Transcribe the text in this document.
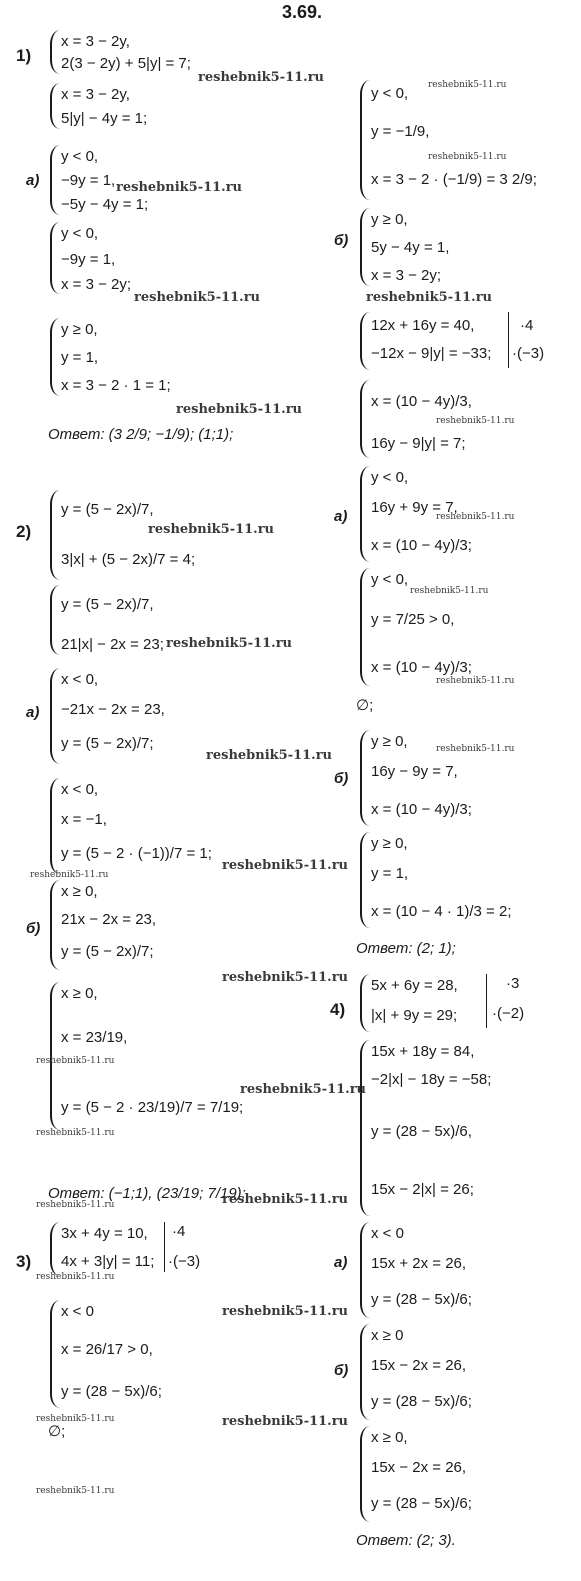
3.69.
1)
x = 3 − 2y,
2(3 − 2y) + 5|y| = 7;
x = 3 − 2y,
5|y| − 4y = 1;
а)
y < 0,
−9y = 1,
−5y − 4y = 1;
y < 0,
−9y = 1,
x = 3 − 2y;
y ≥ 0,
y = 1,
x = 3 − 2 · 1 = 1;
Ответ: (3 2/9; −1/9); (1;1);
2)
y = (5 − 2x)/7,
3|x| + (5 − 2x)/7 = 4;
y = (5 − 2x)/7,
21|x| − 2x = 23;
а)
x < 0,
−21x − 2x = 23,
y = (5 − 2x)/7;
x < 0,
x = −1,
y = (5 − 2 · (−1))/7 = 1;
б)
x ≥ 0,
21x − 2x = 23,
y = (5 − 2x)/7;
x ≥ 0,
x = 23/19,
y = (5 − 2 · 23/19)/7 = 7/19;
Ответ: (−1;1), (23/19; 7/19);
3)
3x + 4y = 10,
4x + 3|y| = 11;
·4
·(−3)
x < 0
x = 26/17 > 0,
y = (28 − 5x)/6;
∅;
y < 0,
y = −1/9,
x = 3 − 2 · (−1/9) = 3 2/9;
б)
y ≥ 0,
5y − 4y = 1,
x = 3 − 2y;
12x + 16y = 40,
−12x − 9|y| = −33;
·4
·(−3)
x = (10 − 4y)/3,
16y − 9|y| = 7;
а)
y < 0,
16y + 9y = 7,
x = (10 − 4y)/3;
y < 0,
y = 7/25 > 0,
x = (10 − 4y)/3;
∅;
б)
y ≥ 0,
16y − 9y = 7,
x = (10 − 4y)/3;
y ≥ 0,
y = 1,
x = (10 − 4 · 1)/3 = 2;
Ответ: (2; 1);
4)
5x + 6y = 28,
|x| + 9y = 29;
·3
·(−2)
15x + 18y = 84,
−2|x| − 18y = −58;
y = (28 − 5x)/6,
15x − 2|x| = 26;
а)
x < 0
15x + 2x = 26,
y = (28 − 5x)/6;
б)
x ≥ 0
15x − 2x = 26,
y = (28 − 5x)/6;
x ≥ 0,
15x − 2x = 26,
y = (28 − 5x)/6;
Ответ: (2; 3).
reshebnik5-11.ru	reshebnik5-11.ru
reshebnik5-11.ru
reshebnik5-11.ru
reshebnik5-11.ru	reshebnik5-11.ru
reshebnik5-11.ru
reshebnik5-11.ru
reshebnik5-11.ru
reshebnik5-11.ru
reshebnik5-11.ru
reshebnik5-11.ru
reshebnik5-11.ru
reshebnik5-11.ru	reshebnik5-11.ru
reshebnik5-11.ru
reshebnik5-11.ru
reshebnik5-11.ru
reshebnik5-11.ru
reshebnik5-11.ru
reshebnik5-11.ru
reshebnik5-11.ru
reshebnik5-11.ru
reshebnik5-11.ru
reshebnik5-11.ru
reshebnik5-11.ru	reshebnik5-11.ru
reshebnik5-11.ru
